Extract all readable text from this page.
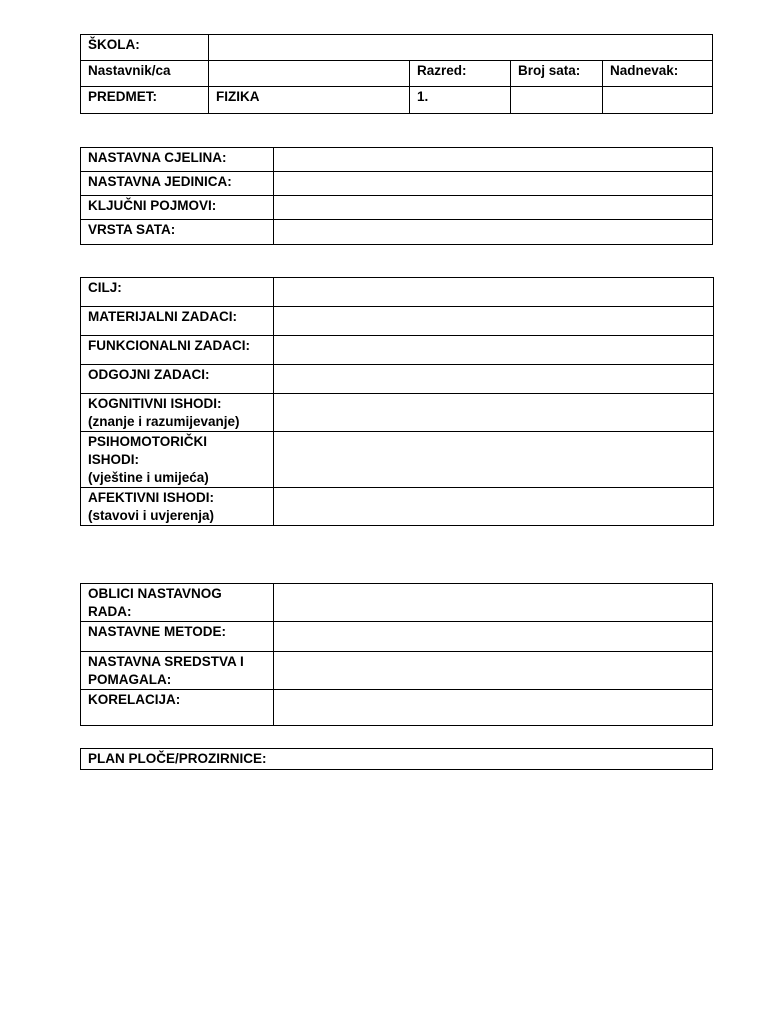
ŠKOLA:				
Nastavnik/ca		Razred:	Broj sata:	Nadnevak:
PREDMET:	FIZIKA	1.		
NASTAVNA CJELINA:	
NASTAVNA JEDINICA:	
KLJUČNI POJMOVI:	
VRSTA SATA:	
CILJ:	
MATERIJALNI ZADACI:	
FUNKCIONALNI ZADACI:	
ODGOJNI ZADACI:	
KOGNITIVNI ISHODI:
(znanje i razumijevanje)	
PSIHOMOTORIČKI
ISHODI:
(vještine i umijeća)	
AFEKTIVNI ISHODI:
(stavovi i uvjerenja)	
OBLICI NASTAVNOG RADA:	
NASTAVNE METODE:	
NASTAVNA SREDSTVA I
POMAGALA:	
KORELACIJA:	
PLAN PLOČE/PROZIRNICE:
